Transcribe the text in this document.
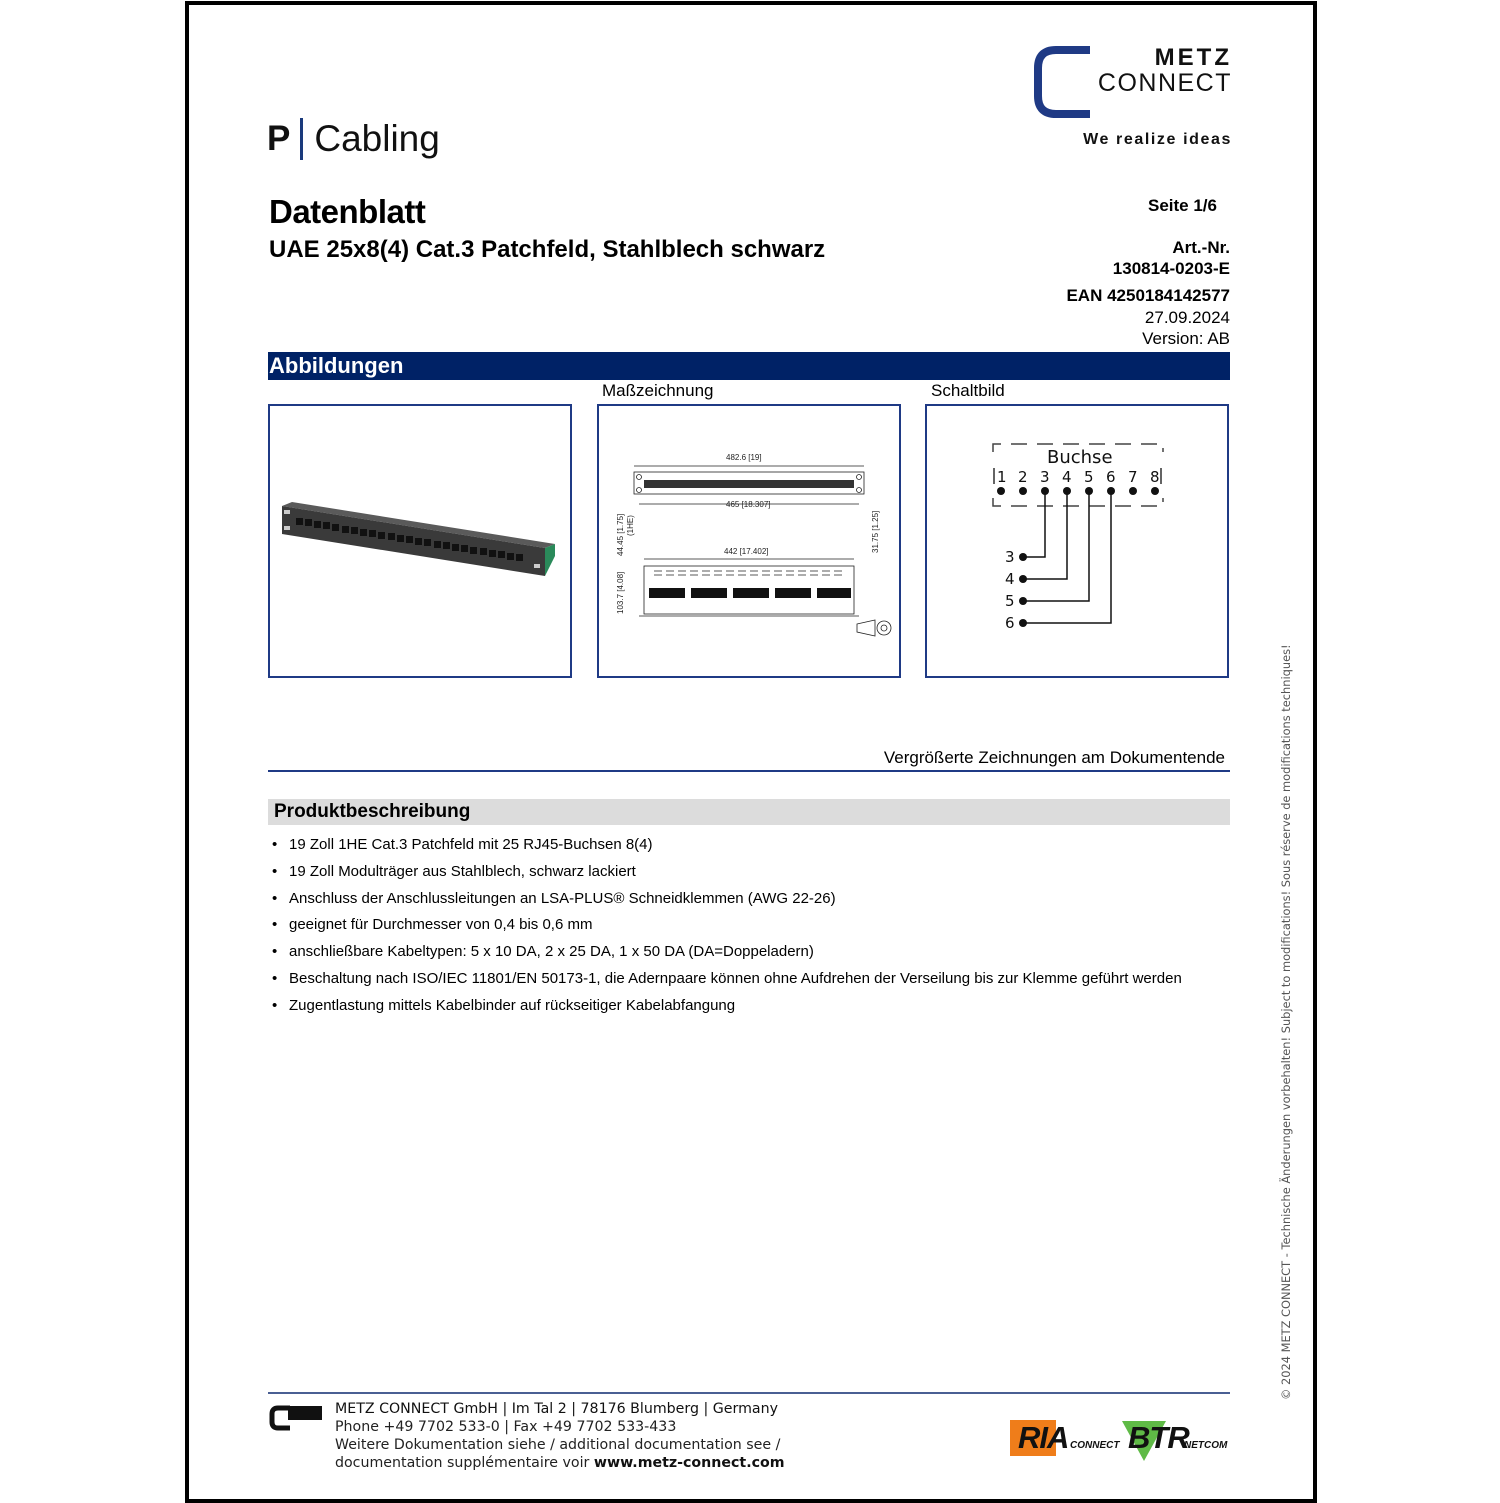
METZ
CONNECT
We realize ideas
P Cabling
Datenblatt
UAE 25x8(4) Cat.3 Patchfeld, Stahlblech schwarz
Seite 1/6
Art.-Nr.
130814-0203-E
EAN 4250184142577
27.09.2024
Version: AB
Abbildungen
Maßzeichnung	Schaltbild
482.6 [19]
465 [18.307]
44.45 [1.75] (1HE)	31.75 [1.25]
442 [17.402]
103.7 [4.08]
Buchse
1 2 3 4 5 6 7 8
3
4
5
6
Vergrößerte Zeichnungen am Dokumentende
Produktbeschreibung
• 19 Zoll 1HE Cat.3 Patchfeld mit 25 RJ45-Buchsen 8(4)
• 19 Zoll Modulträger aus Stahlblech, schwarz lackiert
• Anschluss der Anschlussleitungen an LSA-PLUS® Schneidklemmen (AWG 22-26)
• geeignet für Durchmesser von 0,4 bis 0,6 mm
• anschließbare Kabeltypen: 5 x 10 DA, 2 x 25 DA, 1 x 50 DA (DA=Doppeladern)
• Beschaltung nach ISO/IEC 11801/EN 50173-1, die Adernpaare können ohne Aufdrehen der Verseilung bis zur Klemme geführt werden
• Zugentlastung mittels Kabelbinder auf rückseitiger Kabelabfangung	© 2024 METZ CONNECT - Technische Änderungen vorbehalten! Subject to modifications! Sous réserve de modifications techniques!
METZ CONNECT GmbH | Im Tal 2 | 78176 Blumberg | Germany
Phone +49 7702 533-0 | Fax +49 7702 533-433
Weitere Dokumentation siehe / additional documentation see /
documentation supplémentaire voir www.metz-connect.com
RIA CONNECT BTR
NETCOM
